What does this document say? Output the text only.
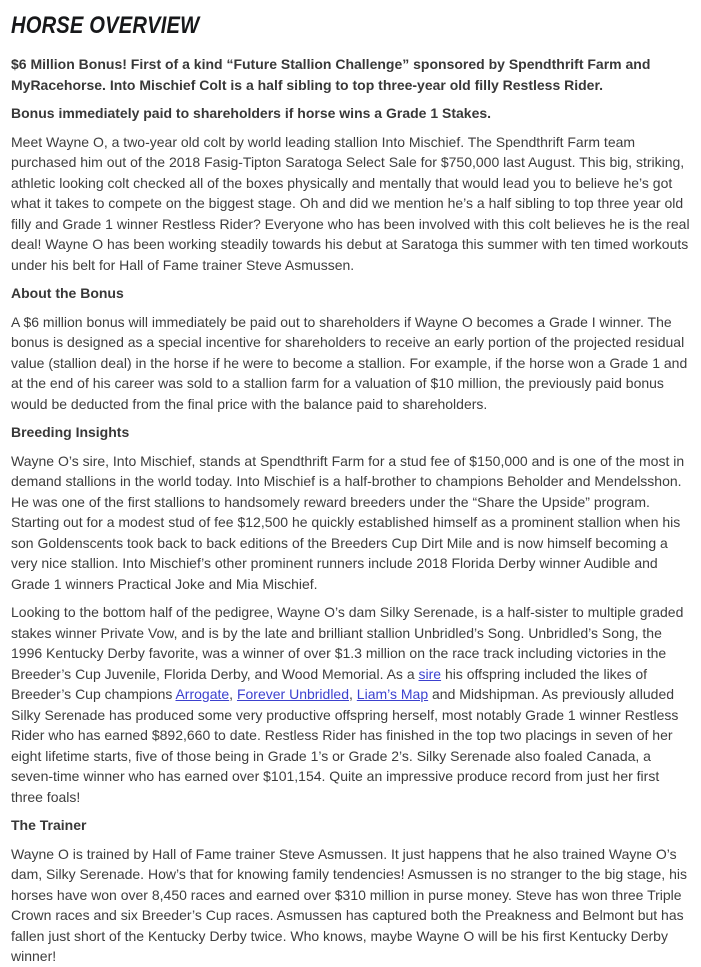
HORSE OVERVIEW

$6 Million Bonus! First of a kind “Future Stallion Challenge” sponsored by Spendthrift Farm and MyRacehorse. Into Mischief Colt is a half sibling to top three-year old filly Restless Rider.

Bonus immediately paid to shareholders if horse wins a Grade 1 Stakes.

Meet Wayne O, a two-year old colt by world leading stallion Into Mischief. The Spendthrift Farm team purchased him out of the 2018 Fasig-Tipton Saratoga Select Sale for $750,000 last August. This big, striking, athletic looking colt checked all of the boxes physically and mentally that would lead you to believe he’s got what it takes to compete on the biggest stage. Oh and did we mention he’s a half sibling to top three year old filly and Grade 1 winner Restless Rider? Everyone who has been involved with this colt believes he is the real deal! Wayne O has been working steadily towards his debut at Saratoga this summer with ten timed workouts under his belt for Hall of Fame trainer Steve Asmussen.

About the Bonus

A $6 million bonus will immediately be paid out to shareholders if Wayne O becomes a Grade I winner. The bonus is designed as a special incentive for shareholders to receive an early portion of the projected residual value (stallion deal) in the horse if he were to become a stallion. For example, if the horse won a Grade 1 and at the end of his career was sold to a stallion farm for a valuation of $10 million, the previously paid bonus would be deducted from the final price with the balance paid to shareholders.

Breeding Insights

Wayne O’s sire, Into Mischief, stands at Spendthrift Farm for a stud fee of $150,000 and is one of the most in demand stallions in the world today. Into Mischief is a half-brother to champions Beholder and Mendelsshon. He was one of the first stallions to handsomely reward breeders under the “Share the Upside” program. Starting out for a modest stud of fee $12,500 he quickly established himself as a prominent stallion when his son Goldenscents took back to back editions of the Breeders Cup Dirt Mile and is now himself becoming a very nice stallion. Into Mischief’s other prominent runners include 2018 Florida Derby winner Audible and Grade 1 winners Practical Joke and Mia Mischief.

Looking to the bottom half of the pedigree, Wayne O’s dam Silky Serenade, is a half-sister to multiple graded stakes winner Private Vow, and is by the late and brilliant stallion Unbridled’s Song. Unbridled’s Song, the 1996 Kentucky Derby favorite, was a winner of over $1.3 million on the race track including victories in the Breeder’s Cup Juvenile, Florida Derby, and Wood Memorial. As a sire his offspring included the likes of Breeder’s Cup champions Arrogate, Forever Unbridled, Liam’s Map and Midshipman. As previously alluded Silky Serenade has produced some very productive offspring herself, most notably Grade 1 winner Restless Rider who has earned $892,660 to date. Restless Rider has finished in the top two placings in seven of her eight lifetime starts, five of those being in Grade 1’s or Grade 2’s. Silky Serenade also foaled Canada, a seven-time winner who has earned over $101,154. Quite an impressive produce record from just her first three foals!

The Trainer

Wayne O is trained by Hall of Fame trainer Steve Asmussen. It just happens that he also trained Wayne O’s dam, Silky Serenade. How’s that for knowing family tendencies! Asmussen is no stranger to the big stage, his horses have won over 8,450 races and earned over $310 million in purse money. Steve has won three Triple Crown races and six Breeder’s Cup races. Asmussen has captured both the Preakness and Belmont but has fallen just short of the Kentucky Derby twice. Who knows, maybe Wayne O will be his first Kentucky Derby winner!
